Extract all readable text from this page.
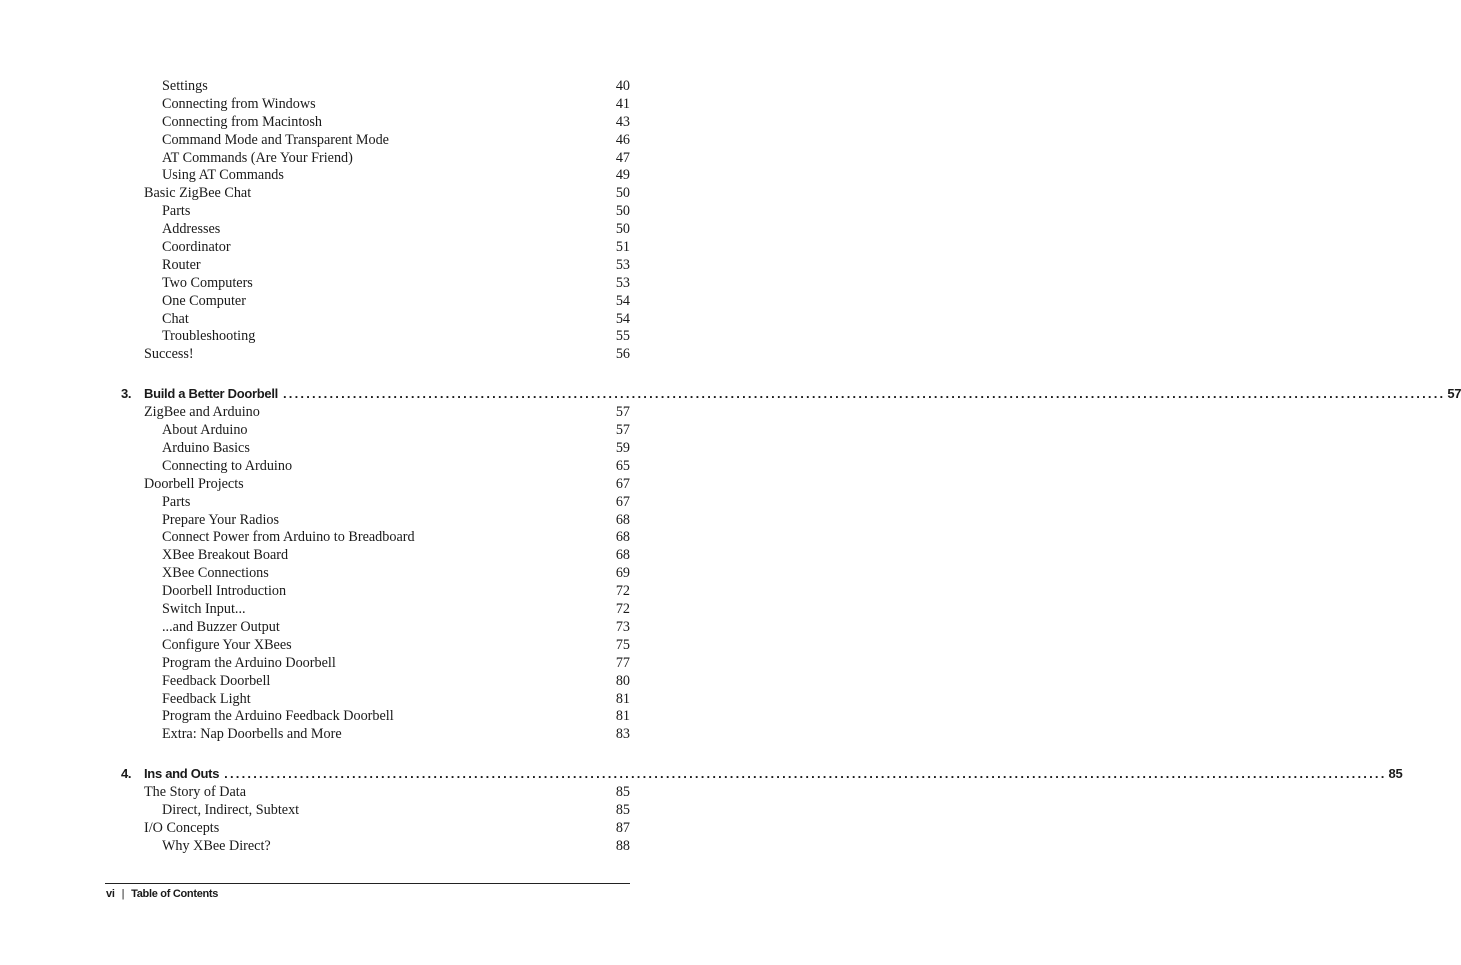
Settings	40
Connecting from Windows	41
Connecting from Macintosh	43
Command Mode and Transparent Mode	46
AT Commands (Are Your Friend)	47
Using AT Commands	49
Basic ZigBee Chat	50
Parts	50
Addresses	50
Coordinator	51
Router	53
Two Computers	53
One Computer	54
Chat	54
Troubleshooting	55
Success!	56
3. Build a Better Doorbell ........................................................................................................................................................................................................ 57
ZigBee and Arduino	57
About Arduino	57
Arduino Basics	59
Connecting to Arduino	65
Doorbell Projects	67
Parts	67
Prepare Your Radios	68
Connect Power from Arduino to Breadboard	68
XBee Breakout Board	68
XBee Connections	69
Doorbell Introduction	72
Switch Input...	72
...and Buzzer Output	73
Configure Your XBees	75
Program the Arduino Doorbell	77
Feedback Doorbell	80
Feedback Light	81
Program the Arduino Feedback Doorbell	81
Extra: Nap Doorbells and More	83
4. Ins and Outs ........................................................................................................................................................................................................ 85
The Story of Data	85
Direct, Indirect, Subtext	85
I/O Concepts	87
Why XBee Direct?	88
vi | Table of Contents
